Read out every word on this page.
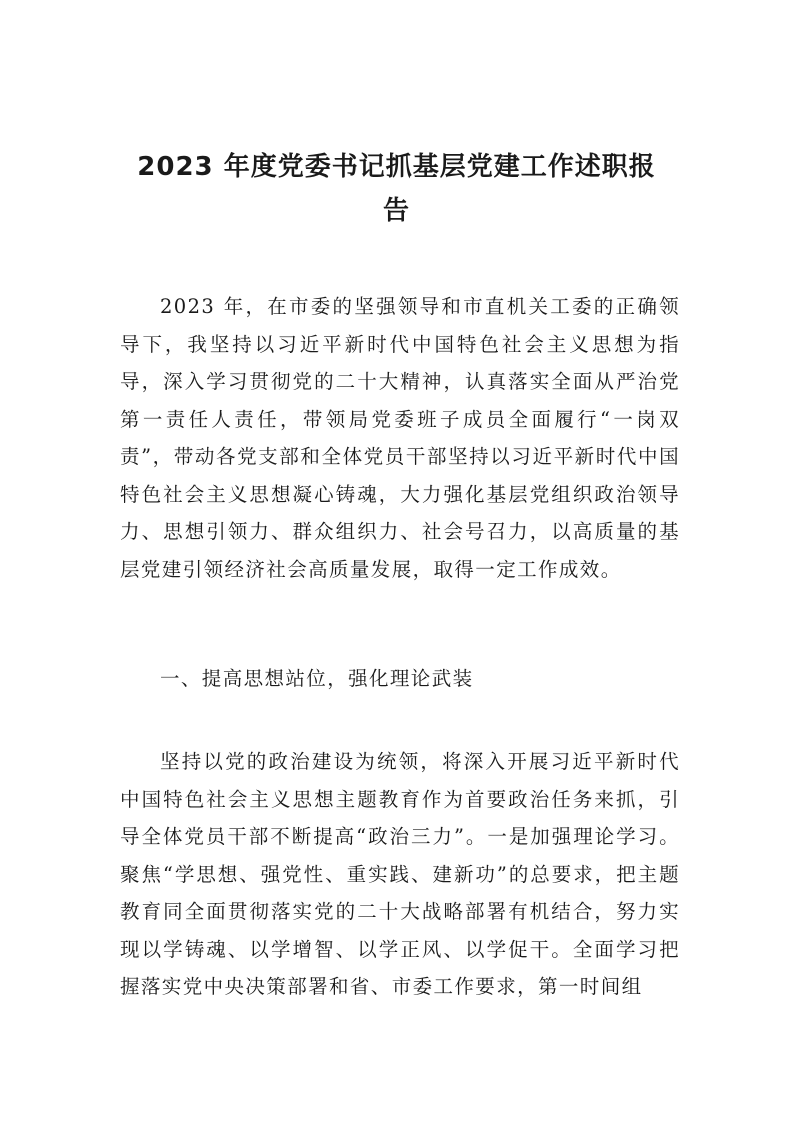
2023 年度党委书记抓基层党建工作述职报
告

2023 年，在市委的坚强领导和市直机关工委的正确领导下，我坚持以习近平新时代中国特色社会主义思想为指导，深入学习贯彻党的二十大精神，认真落实全面从严治党第一责任人责任，带领局党委班子成员全面履行“一岗双责”，带动各党支部和全体党员干部坚持以习近平新时代中国特色社会主义思想凝心铸魂，大力强化基层党组织政治领导力、思想引领力、群众组织力、社会号召力，以高质量的基层党建引领经济社会高质量发展，取得一定工作成效。

一、提高思想站位，强化理论武装

坚持以党的政治建设为统领，将深入开展习近平新时代中国特色社会主义思想主题教育作为首要政治任务来抓，引导全体党员干部不断提高“政治三力”。一是加强理论学习。聚焦“学思想、强党性、重实践、建新功”的总要求，把主题教育同全面贯彻落实党的二十大战略部署有机结合，努力实现以学铸魂、以学增智、以学正风、以学促干。全面学习把握落实党中央决策部署和省、市委工作要求，第一时间组
